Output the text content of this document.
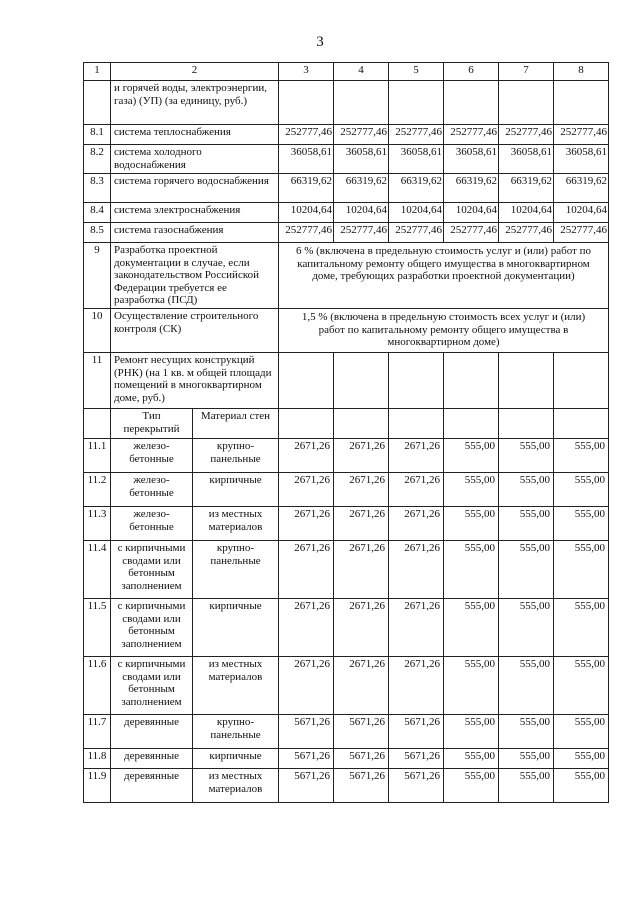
3
1	2		3	4	5	6	7	8
	и горячей воды, электроэнергии, газа) (УП) (за единицу, руб.)							
8.1	система теплоснабжения		252777,46	252777,46	252777,46	252777,46	252777,46	252777,46
8.2	система холодного водоснабжения		36058,61	36058,61	36058,61	36058,61	36058,61	36058,61
8.3	система горячего водоснабжения		66319,62	66319,62	66319,62	66319,62	66319,62	66319,62
8.4	система электроснабжения		10204,64	10204,64	10204,64	10204,64	10204,64	10204,64
8.5	система газоснабжения		252777,46	252777,46	252777,46	252777,46	252777,46	252777,46
9	Разработка проектной документации в случае, если законодательством Российской Федерации требуется ее разработка (ПСД)		6 % (включена в предельную стоимость услуг и (или) работ по капитальному ремонту общего имущества в многоквартирном доме, требующих разработки проектной документации)					
10	Осуществление строительного контроля (СК)		1,5 % (включена в предельную стоимость всех услуг и (или) работ по капитальному ремонту общего имущества в многоквартирном доме)					
11	Ремонт несущих конструкций (РНК) (на 1 кв. м общей площади помещений в многоквартирном доме, руб.)							
	Тип перекрытий	Материал стен						
11.1	железо-бетонные	крупно-панельные	2671,26	2671,26	2671,26	555,00	555,00	555,00
11.2	железо-бетонные	кирпичные	2671,26	2671,26	2671,26	555,00	555,00	555,00
11.3	железо-бетонные	из местных материалов	2671,26	2671,26	2671,26	555,00	555,00	555,00
11.4	с кирпичными сводами или бетонным заполнением	крупно-панельные	2671,26	2671,26	2671,26	555,00	555,00	555,00
11.5	с кирпичными сводами или бетонным заполнением	кирпичные	2671,26	2671,26	2671,26	555,00	555,00	555,00
11.6	с кирпичными сводами или бетонным заполнением	из местных материалов	2671,26	2671,26	2671,26	555,00	555,00	555,00
11.7	деревянные	крупно-панельные	5671,26	5671,26	5671,26	555,00	555,00	555,00
11.8	деревянные	кирпичные	5671,26	5671,26	5671,26	555,00	555,00	555,00
11.9	деревянные	из местных материалов	5671,26	5671,26	5671,26	555,00	555,00	555,00
